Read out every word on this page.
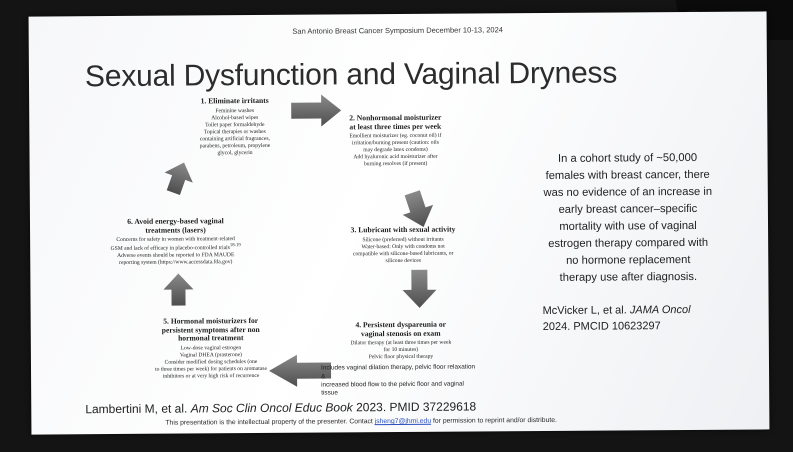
San Antonio Breast Cancer Symposium December 10-13, 2024
Sexual Dysfunction and Vaginal Dryness
1. Eliminate irritants
Feminine washes
Alcohol-based wipes
Toilet paper formaldehyde
Topical therapies or washes
containing artificial fragrances,
parabens, petroleum, propylene
glycol, glycerin
2. Nonhormonal moisturizer
at least three times per week
Emollient moisturizer (eg. coconut oil) if
irritation/burning present (caution: oils
may degrade latex condoms)
Add hyaluronic acid moisturizer after
burning resolves (if present)
3. Lubricant with sexual activity
Silicone (preferred) without irritants
Water-based: Only with condoms not
compatible with silicone-based lubricants, or
silicone devices
4. Persistent dyspareunia or
vaginal stenosis on exam
Dilator therapy (at least three times per week
for 10 minutes)
Pelvic floor physical therapy
Includes vaginal dilation therapy, pelvic floor relaxation &
increased blood flow to the pelvic floor and vaginal tissue
5. Hormonal moisturizers for
persistent symptoms after non
hormonal treatment
Low-dose vaginal estrogen
Vaginal DHEA (prasterone)
Consider modified dosing schedules (one
to three times per week) for patients on aromatase
inhibitors or at very high risk of recurrence
6. Avoid energy-based vaginal
treatments (lasers)
Concerns for safety in women with treatment-related
GSM and lack of efficacy in placebo-controlled trials$^{18-19}$
Adverse events should be reported to FDA MAUDE
reporting system (https://www.accessdata.fda.gov)
In a cohort study of ~50,000
females with breast cancer, there
was no evidence of an increase in
early breast cancer–specific
mortality with use of vaginal
estrogen therapy compared with
no hormone replacement
therapy use after diagnosis.
McVicker L, et al. JAMA Oncol
2024. PMCID 10623297
Lambertini M, et al. Am Soc Clin Oncol Educ Book 2023. PMID 37229618
This presentation is the intellectual property of the presenter. Contact jsheng7@jhmi.edu for permission to reprint and/or distribute.
